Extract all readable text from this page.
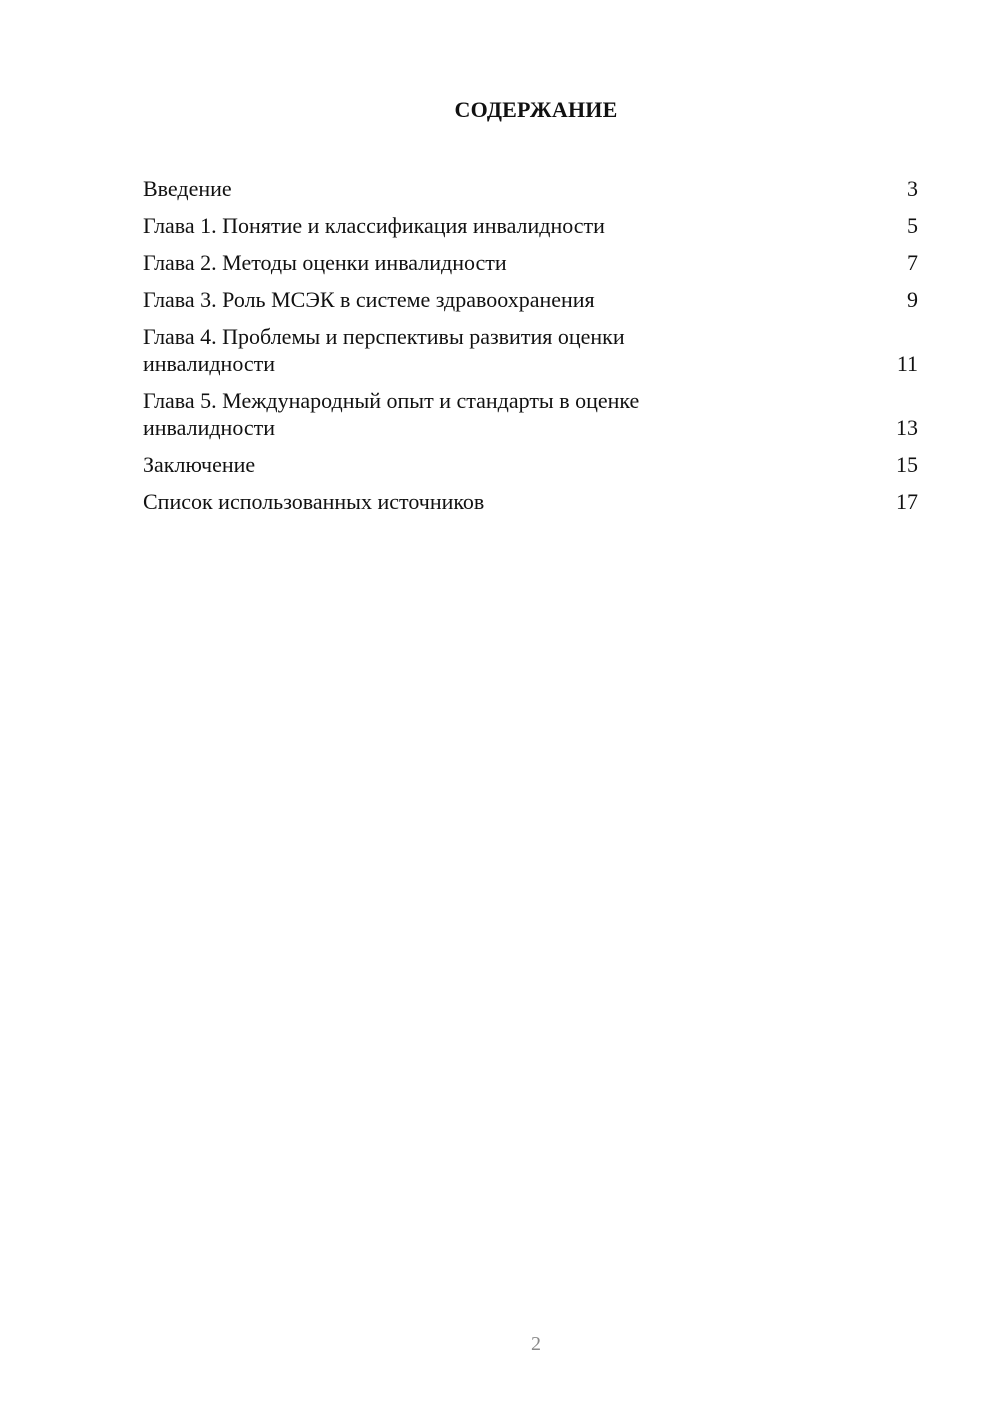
СОДЕРЖАНИЕ
Введение	3
Глава 1. Понятие и классификация инвалидности	5
Глава 2. Методы оценки инвалидности	7
Глава 3. Роль МСЭК в системе здравоохранения	9
Глава 4. Проблемы и перспективы развития оценки инвалидности	11
Глава 5. Международный опыт и стандарты в оценке инвалидности	13
Заключение	15
Список использованных источников	17
2
